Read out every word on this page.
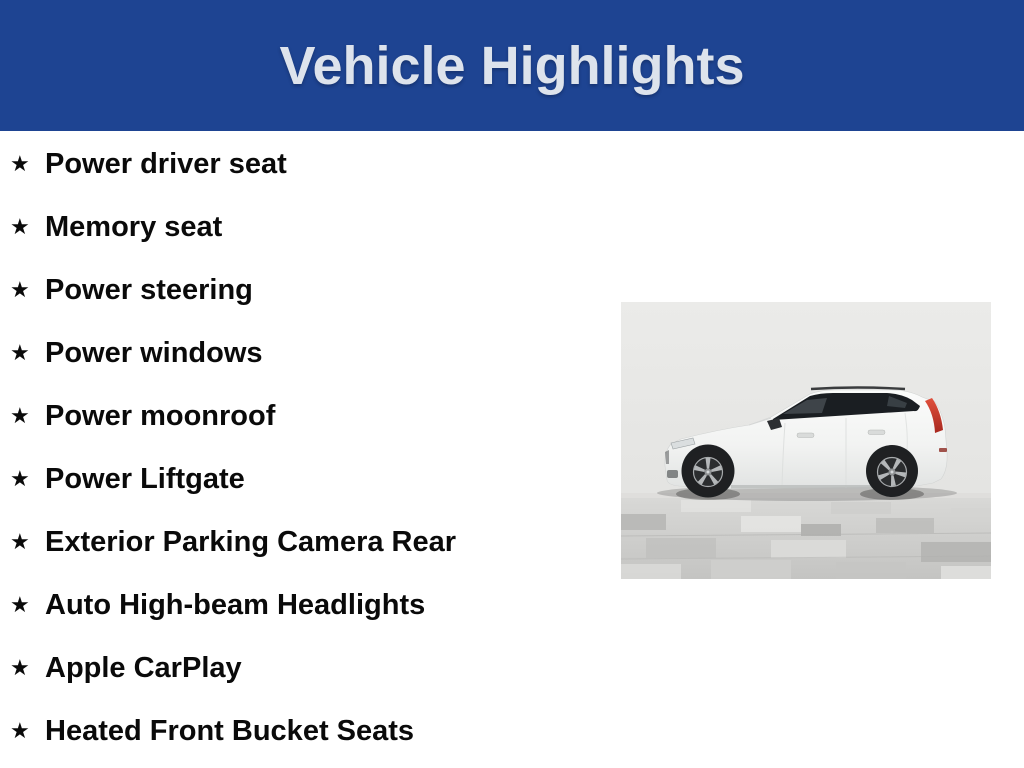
Vehicle Highlights
★ Power driver seat
★ Memory seat
★ Power steering
★ Power windows
★ Power moonroof
★ Power Liftgate
★ Exterior Parking Camera Rear
★ Auto High-beam Headlights
★ Apple CarPlay
★ Heated Front Bucket Seats
